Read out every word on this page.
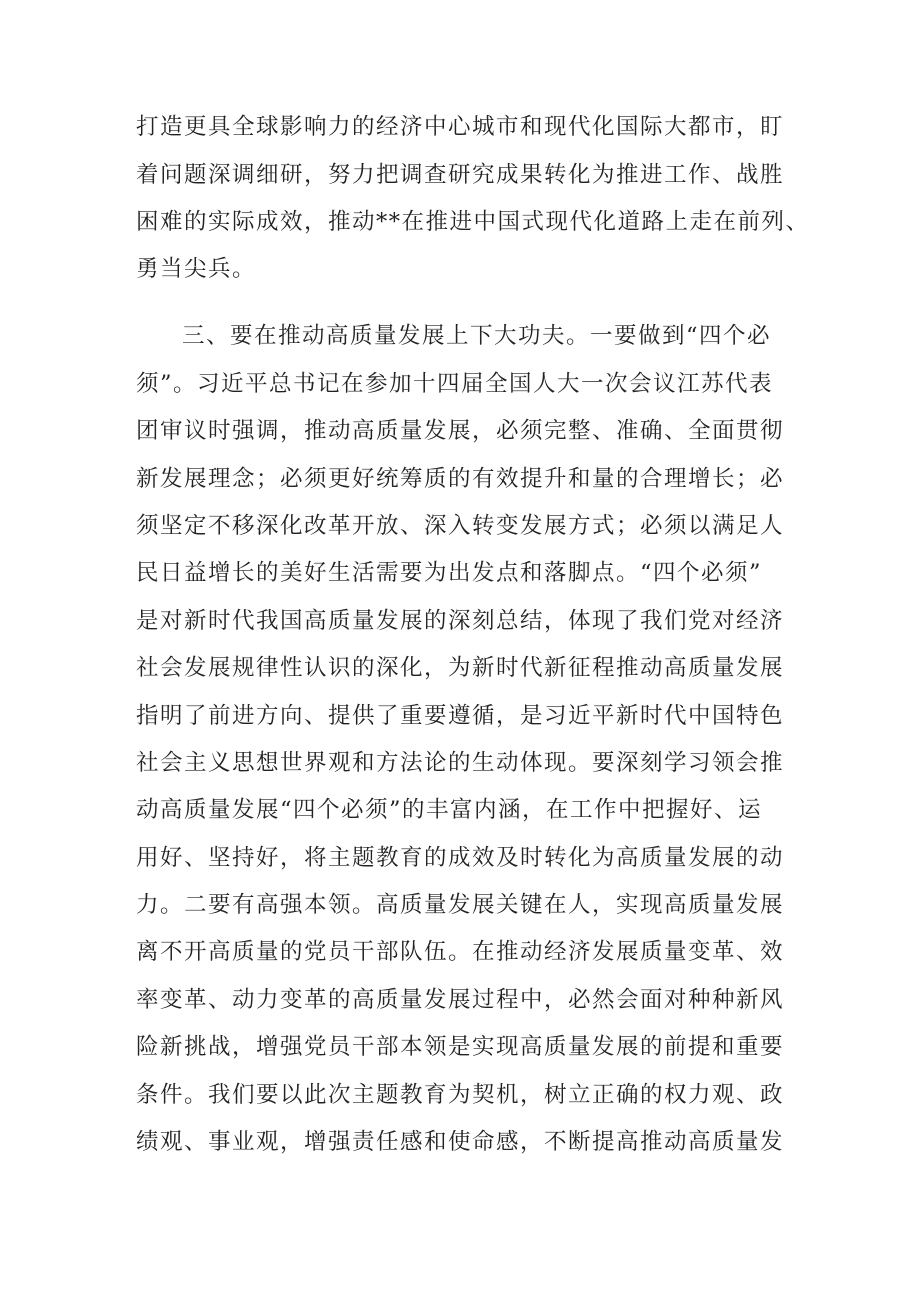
打造更具全球影响力的经济中心城市和现代化国际大都市，盯
着问题深调细研，努力把调查研究成果转化为推进工作、战胜
困难的实际成效，推动**在推进中国式现代化道路上走在前列、
勇当尖兵。
三、要在推动高质量发展上下大功夫。一要做到“四个必
须”。习近平总书记在参加十四届全国人大一次会议江苏代表
团审议时强调，推动高质量发展，必须完整、准确、全面贯彻
新发展理念；必须更好统筹质的有效提升和量的合理增长；必
须坚定不移深化改革开放、深入转变发展方式；必须以满足人
民日益增长的美好生活需要为出发点和落脚点。“四个必须”
是对新时代我国高质量发展的深刻总结，体现了我们党对经济
社会发展规律性认识的深化，为新时代新征程推动高质量发展
指明了前进方向、提供了重要遵循，是习近平新时代中国特色
社会主义思想世界观和方法论的生动体现。要深刻学习领会推
动高质量发展“四个必须”的丰富内涵，在工作中把握好、运
用好、坚持好，将主题教育的成效及时转化为高质量发展的动
力。二要有高强本领。高质量发展关键在人，实现高质量发展
离不开高质量的党员干部队伍。在推动经济发展质量变革、效
率变革、动力变革的高质量发展过程中，必然会面对种种新风
险新挑战，增强党员干部本领是实现高质量发展的前提和重要
条件。我们要以此次主题教育为契机，树立正确的权力观、政
绩观、事业观，增强责任感和使命感，不断提高推动高质量发
